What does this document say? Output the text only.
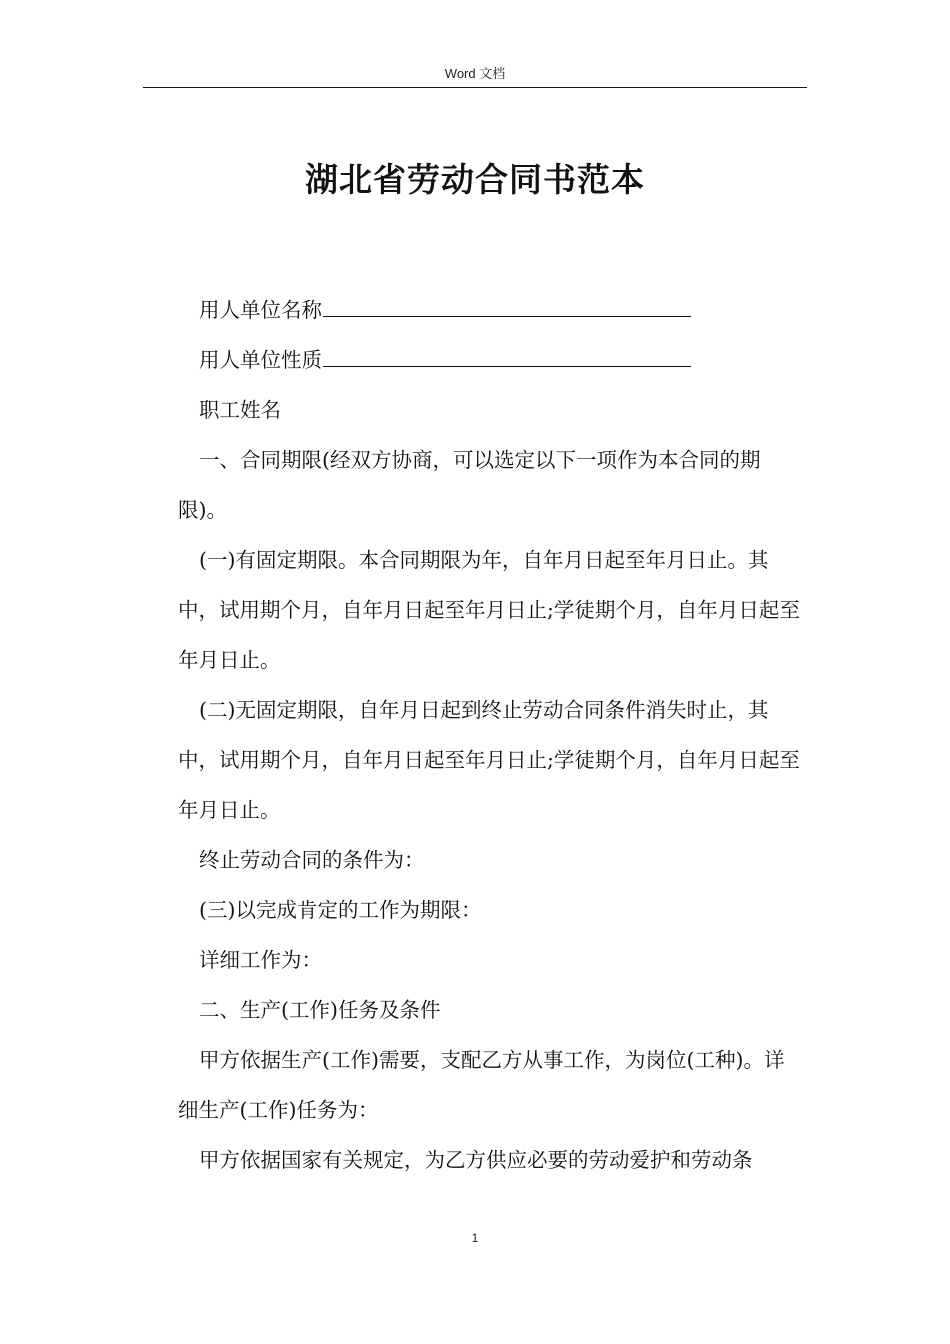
Word 文档
湖北省劳动合同书范本

用人单位名称

用人单位性质

职工姓名

一、合同期限(经双方协商，可以选定以下一项作为本合同的期限)。

(一)有固定期限。本合同期限为年，自年月日起至年月日止。其中，试用期个月，自年月日起至年月日止;学徒期个月，自年月日起至年月日止。

(二)无固定期限，自年月日起到终止劳动合同条件消失时止，其中，试用期个月，自年月日起至年月日止;学徒期个月，自年月日起至年月日止。

终止劳动合同的条件为：

(三)以完成肯定的工作为期限：

详细工作为：

二、生产(工作)任务及条件

甲方依据生产(工作)需要，支配乙方从事工作，为岗位(工种)。详细生产(工作)任务为：

甲方依据国家有关规定，为乙方供应必要的劳动爱护和劳动条

1
